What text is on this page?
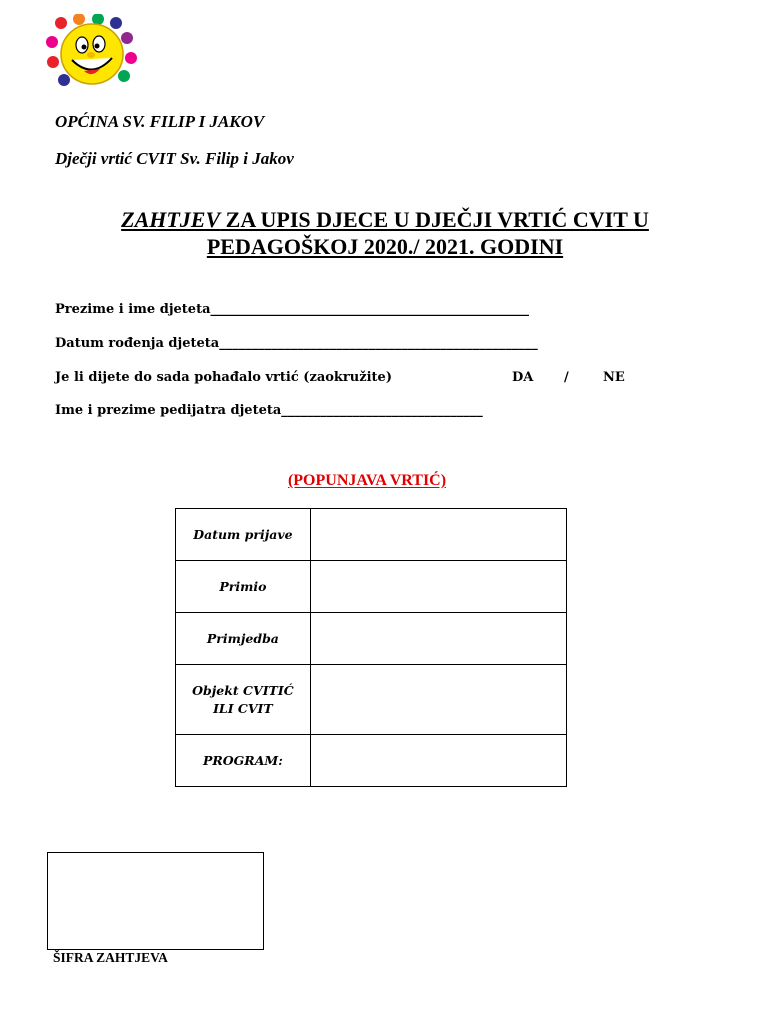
OPĆINA SV. FILIP I JAKOV
Dječji vrtić CVIT Sv. Filip i Jakov
ZAHTJEV ZA UPIS DJECE U DJEČJI VRTIĆ CVIT U
PEDAGOŠKOJ 2020./ 2021. GODINI
Prezime i ime djeteta_________________________________________________
Datum rođenja djeteta_________________________________________________
Je li dijete do sada pohađalo vrtić (zaokružite)	DA /	NE
Ime i prezime pedijatra djeteta_______________________________
(POPUNJAVA VRTIĆ)
Datum prijave	
Primio	
Primjedba	

Objekt CVITIĆ
ILI CVIT	

PROGRAM:	
ŠIFRA ZAHTJEVA
